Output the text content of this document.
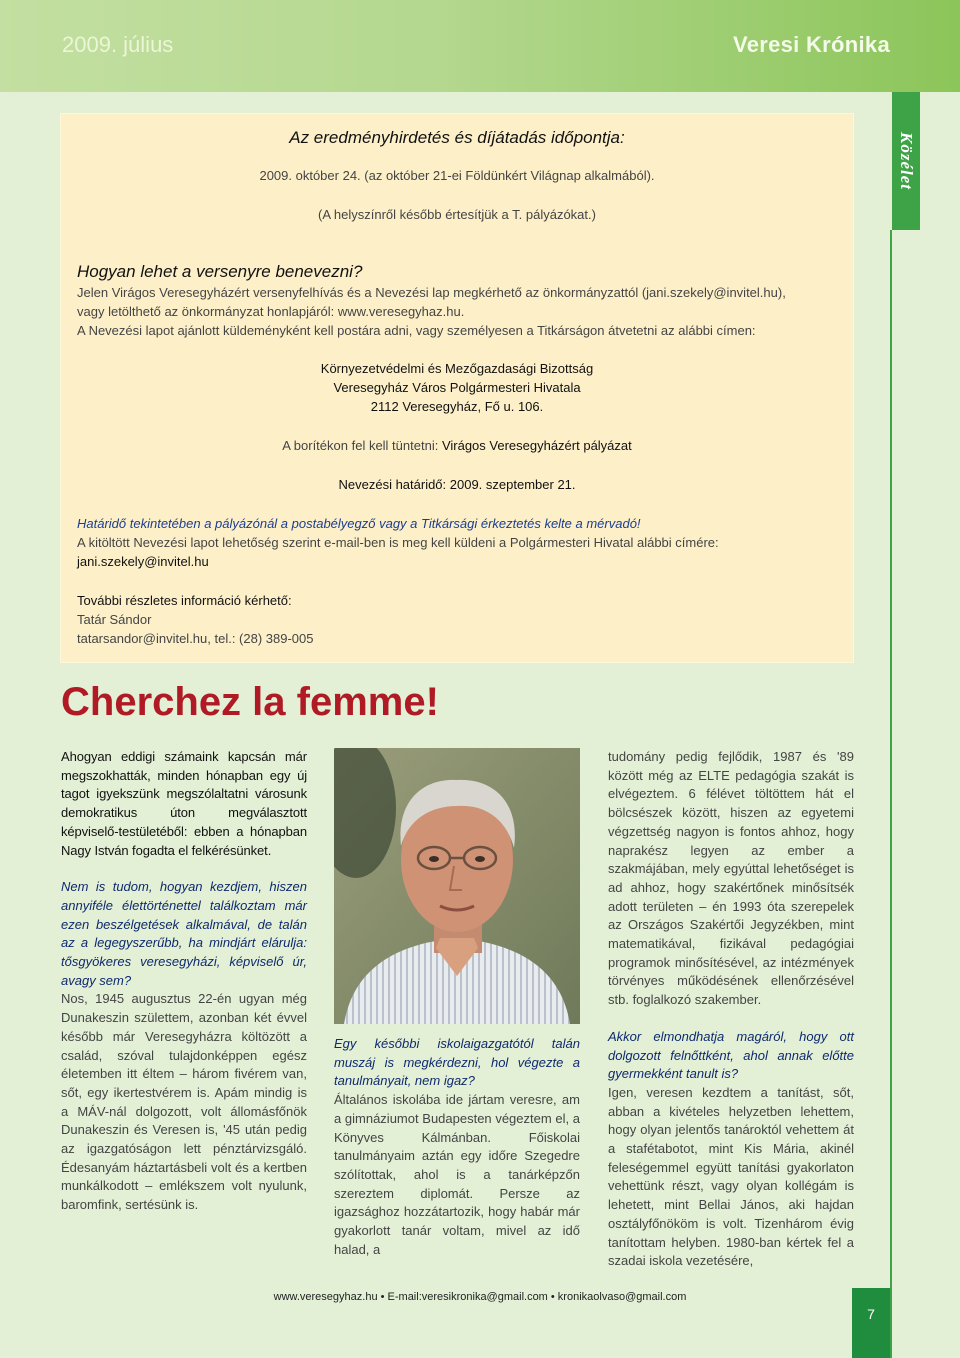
2009. július	Veresi Krónika
Közélet
Az eredményhirdetés és díjátadás időpontja:
2009. október 24. (az október 21-ei Földünkért Világnap alkalmából).
(A helyszínről később értesítjük a T. pályázókat.)
Hogyan lehet a versenyre benevezni?
Jelen Virágos Veresegyházért versenyfelhívás és a Nevezési lap megkérhető az önkormányzattól (jani.szekely@invitel.hu),
vagy letölthető az önkormányzat honlapjáról: www.veresegyhaz.hu.
A Nevezési lapot ajánlott küldeményként kell postára adni, vagy személyesen a Titkárságon átvetetni az alábbi címen:
Környezetvédelmi és Mezőgazdasági Bizottság
Veresegyház Város Polgármesteri Hivatala
2112 Veresegyház, Fő u. 106.
A borítékon fel kell tüntetni: Virágos Veresegyházért pályázat
Nevezési határidő: 2009. szeptember 21.
Határidő tekintetében a pályázónál a postabélyegző vagy a Titkársági érkeztetés kelte a mérvadó!
A kitöltött Nevezési lapot lehetőség szerint e-mail-ben is meg kell küldeni a Polgármesteri Hivatal alábbi címére:
jani.szekely@invitel.hu
További részletes információ kérhető:
Tatár Sándor
tatarsandor@invitel.hu, tel.: (28) 389-005
Cherchez la femme!

Ahogyan eddigi számaink kapcsán már megszokhatták, minden hónapban egy új tagot igyekszünk megszólaltatni városunk demokratikus úton megválasztott képviselő-testületéből: ebben a hónapban Nagy István fogadta el felkérésünket.

Nem is tudom, hogyan kezdjem, hiszen annyiféle élettörténettel találkoztam már ezen beszélgetések alkalmával, de talán az a legegyszerűbb, ha mindjárt elárulja: tősgyökeres veresegyházi, képviselő úr, avagy sem?

Nos, 1945 augusztus 22-én ugyan még Dunakeszin születtem, azonban két évvel később már Veresegyházra költözött a család, szóval tulajdonképpen egész életemben itt éltem – három fivérem van, sőt, egy ikertestvérem is. Apám mindig is a MÁV-nál dolgozott, volt állomásfőnök Dunakeszin és Veresen is, '45 után pedig az igazgatóságon lett pénztárvizsgáló. Édesanyám háztartásbeli volt és a kertben munkálkodott – emlékszem volt nyulunk, baromfink, sertésünk is.

Egy későbbi iskolaigazgatótól talán muszáj is megkérdezni, hol végezte a tanulmányait, nem igaz?

Általános iskolába ide jártam veresre, am a gimnáziumot Budapesten végeztem el, a Könyves Kálmánban. Főiskolai tanulmányaim aztán egy időre Szegedre szólítottak, ahol is a tanárképzőn szereztem diplomát. Persze az igazsághoz hozzátartozik, hogy habár már gyakorlott tanár voltam, mivel az idő halad, a

tudomány pedig fejlődik, 1987 és '89 között még az ELTE pedagógia szakát is elvégeztem. 6 félévet töltöttem hát el bölcsészek között, hiszen az egyetemi végzettség nagyon is fontos ahhoz, hogy naprakész legyen az ember a szakmájában, mely egyúttal lehetőséget is ad ahhoz, hogy szakértőnek minősítsék adott területen – én 1993 óta szerepelek az Országos Szakértői Jegyzékben, mint matematikával, fizikával pedagógiai programok minősítésével, az intézmények törvényes működésének ellenőrzésével stb. foglalkozó szakember.

Akkor elmondhatja magáról, hogy ott dolgozott felnőttként, ahol annak előtte gyermekként tanult is?

Igen, veresen kezdtem a tanítást, sőt, abban a kivételes helyzetben lehettem, hogy olyan jelentős tanároktól vehettem át a stafétabotot, mint Kis Mária, akinél feleségemmel együtt tanítási gyakorlaton vehettünk részt, vagy olyan kollégám is lehetett, mint Bellai János, aki hajdan osztályfőnököm is volt. Tizenhárom évig tanítottam helyben. 1980-ban kértek fel a szadai iskola vezetésére,

www.veresegyhaz.hu • E-mail:veresikronika@gmail.com • kronikaolvaso@gmail.com
7
